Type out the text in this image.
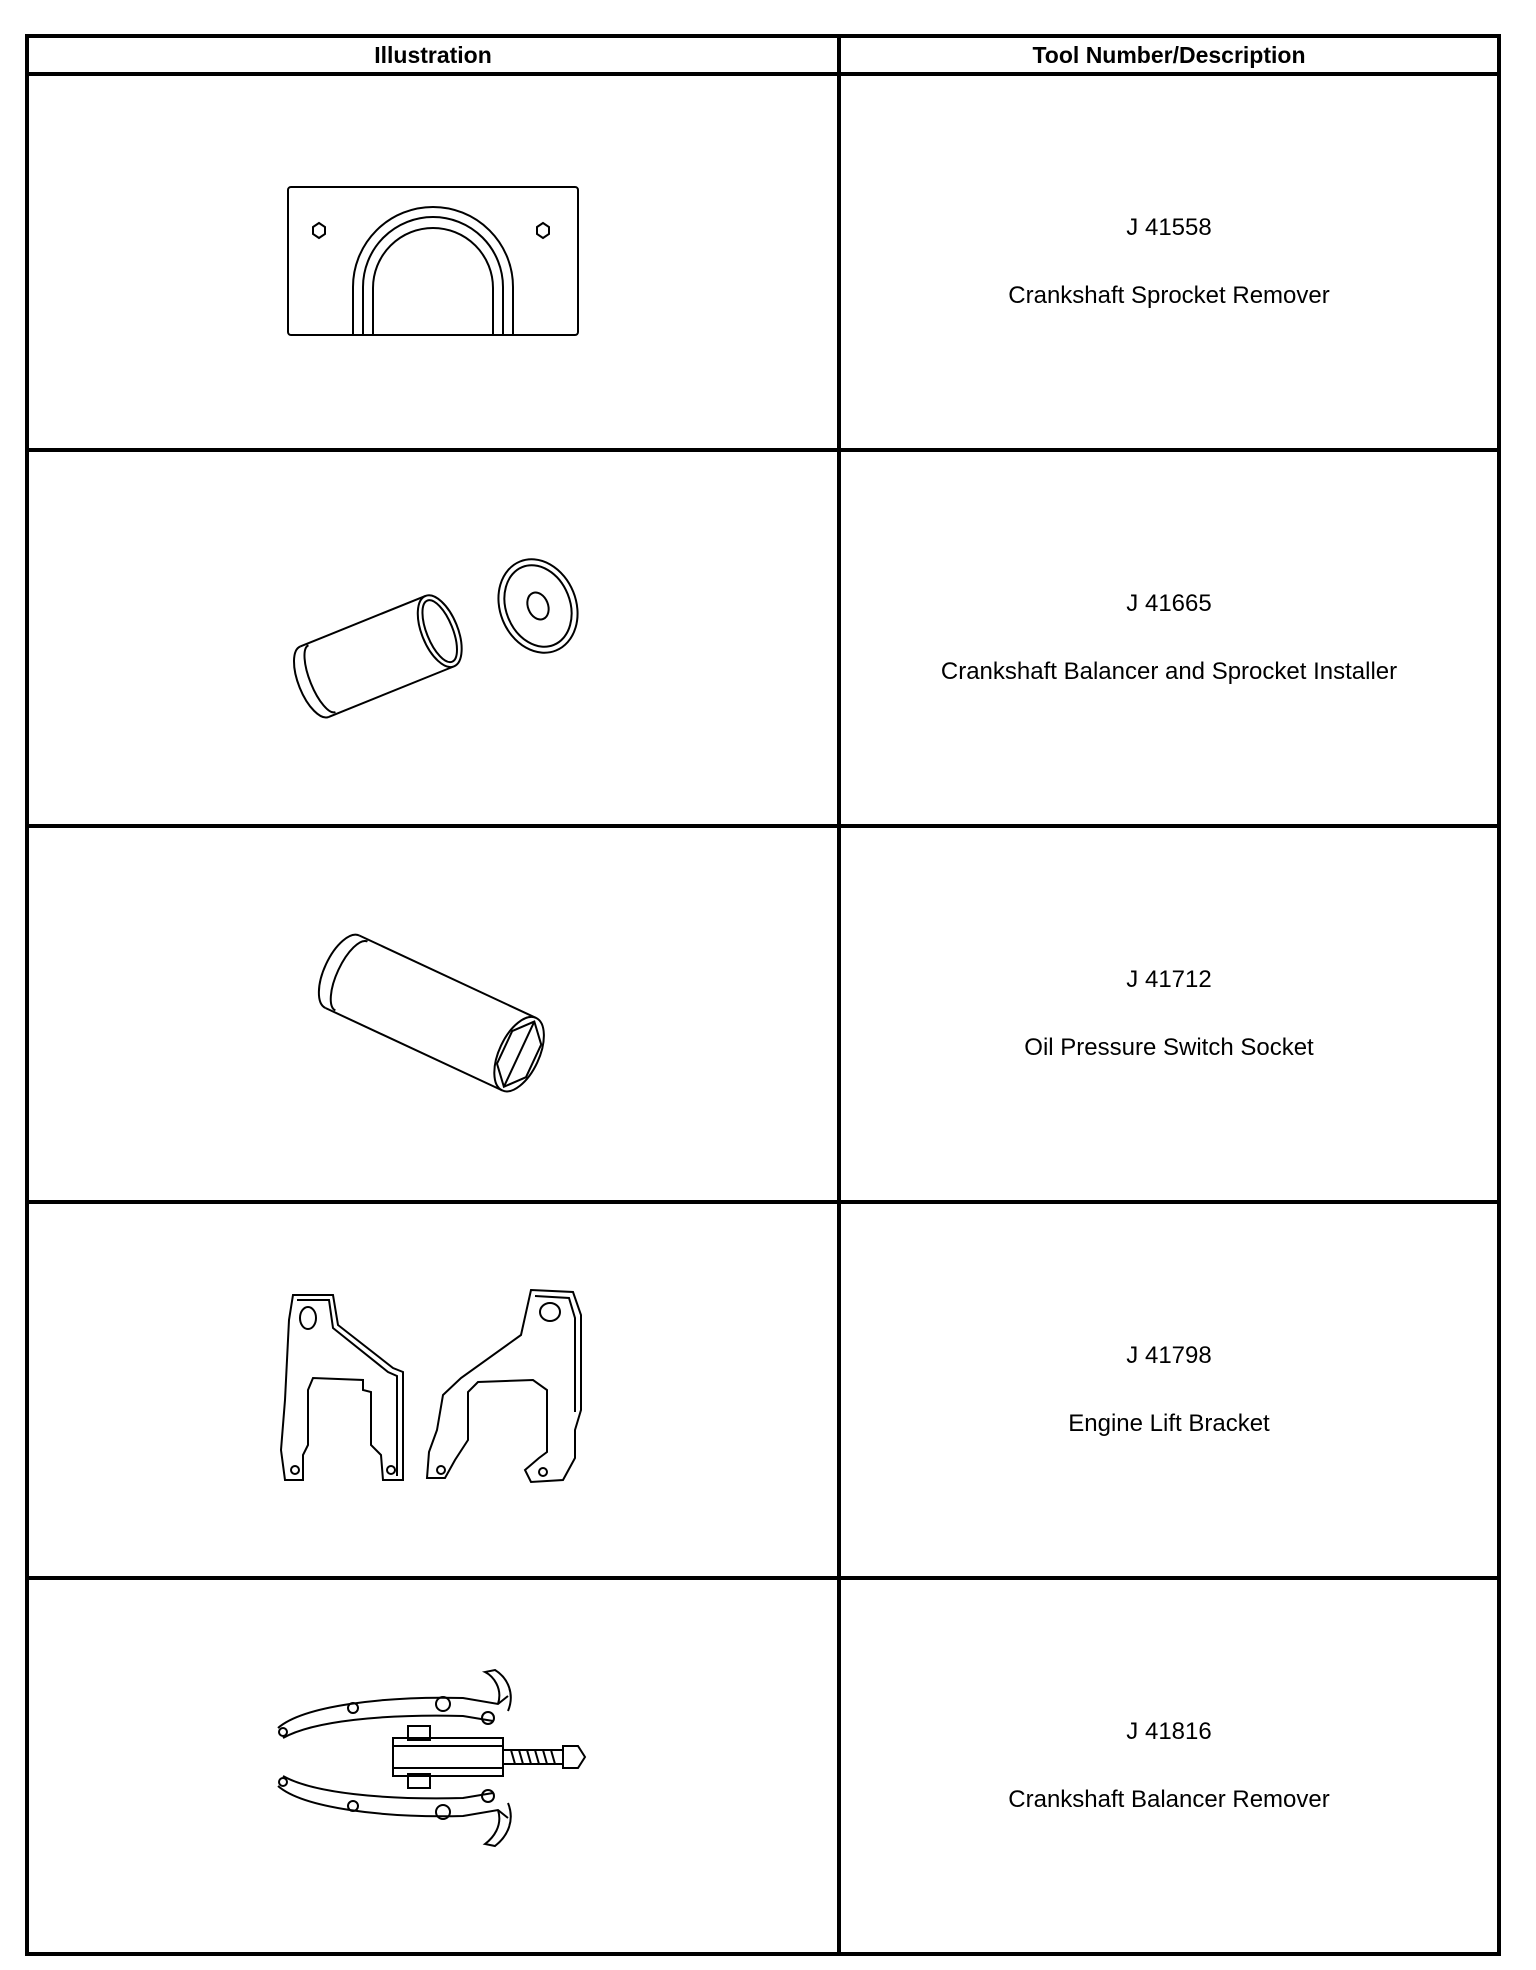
Illustration	Tool Number/Description

J 41558
Crankshaft Sprocket Remover

J 41665
Crankshaft Balancer and Sprocket Installer

J 41712
Oil Pressure Switch Socket

J 41798
Engine Lift Bracket

J 41816
Crankshaft Balancer Remover
